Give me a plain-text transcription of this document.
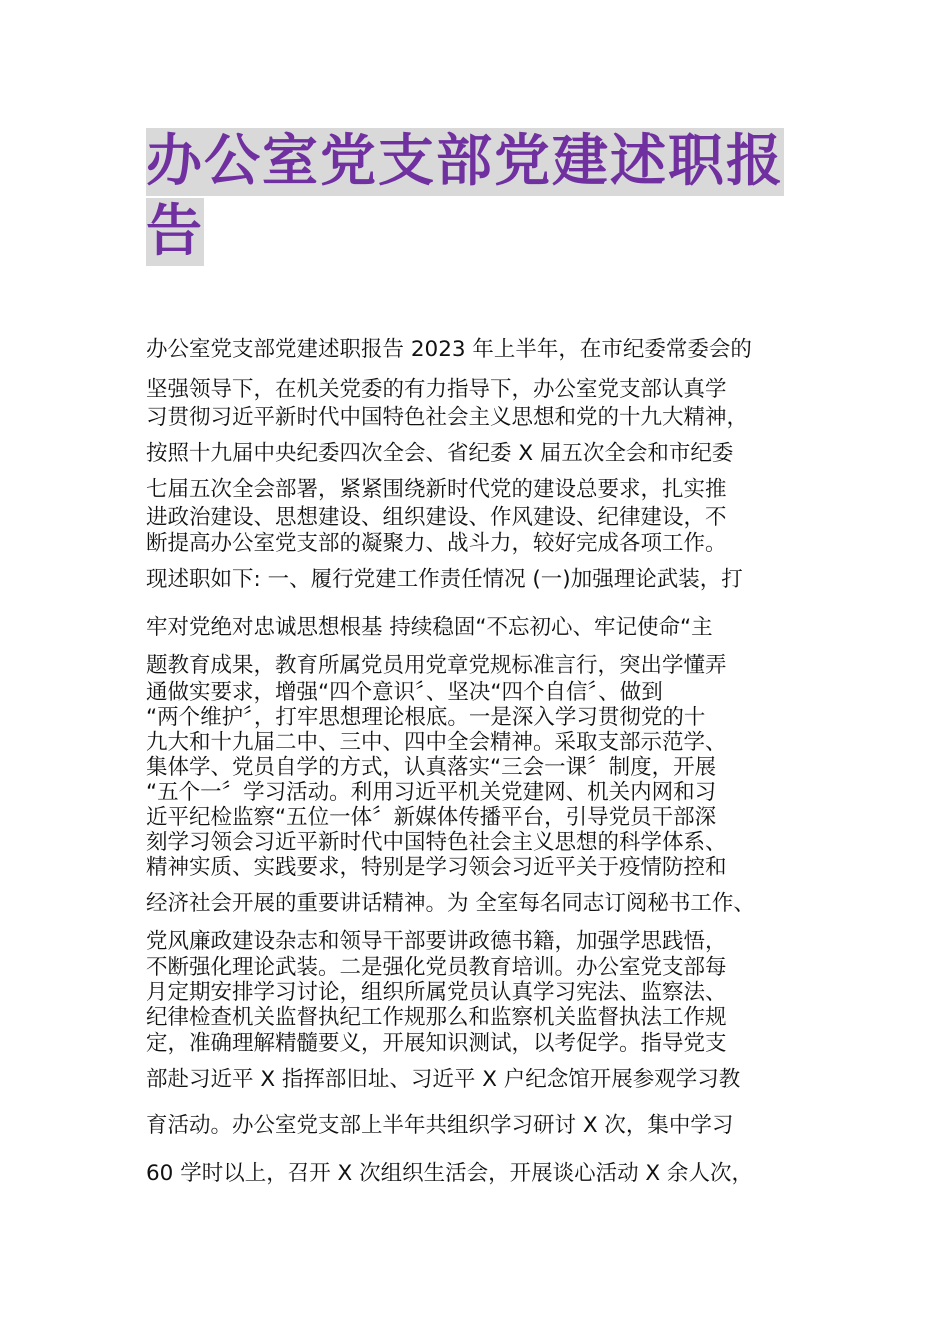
办公室党支部党建述职报
告
办公室党支部党建述职报告 2023 年上半年，在市纪委常委会的
坚强领导下，在机关党委的有力指导下，办公室党支部认真学
习贯彻习近平新时代中国特色社会主义思想和党的十九大精神，
按照十九届中央纪委四次全会、省纪委 X 届五次全会和市纪委
七届五次全会部署，紧紧围绕新时代党的建设总要求，扎实推
进政治建设、思想建设、组织建设、作风建设、纪律建设，不
断提高办公室党支部的凝聚力、战斗力，较好完成各项工作。
现述职如下: 一、履行党建工作责任情况 (一)加强理论武装，打
牢对党绝对忠诚思想根基 持续稳固“不忘初心、牢记使命“主
题教育成果，教育所属党员用党章党规标准言行，突出学懂弄
通做实要求，增强“四个意识〞、坚决“四个自信〞、做到
“两个维护〞，打牢思想理论根底。一是深入学习贯彻党的十
九大和十九届二中、三中、四中全会精神。采取支部示范学、
集体学、党员自学的方式，认真落实“三会一课〞制度，开展
“五个一〞学习活动。利用习近平机关党建网、机关内网和习
近平纪检监察“五位一体〞新媒体传播平台，引导党员干部深
刻学习领会习近平新时代中国特色社会主义思想的科学体系、
精神实质、实践要求，特别是学习领会习近平关于疫情防控和
经济社会开展的重要讲话精神。为 全室每名同志订阅秘书工作、
党风廉政建设杂志和领导干部要讲政德书籍，加强学思践悟，
不断强化理论武装。二是强化党员教育培训。办公室党支部每
月定期安排学习讨论，组织所属党员认真学习宪法、监察法、
纪律检查机关监督执纪工作规那么和监察机关监督执法工作规
定，准确理解精髓要义，开展知识测试，以考促学。指导党支
部赴习近平 X 指挥部旧址、习近平 X 户纪念馆开展参观学习教
育活动。办公室党支部上半年共组织学习研讨 X 次，集中学习
60 学时以上，召开 X 次组织生活会，开展谈心活动 X 余人次，
